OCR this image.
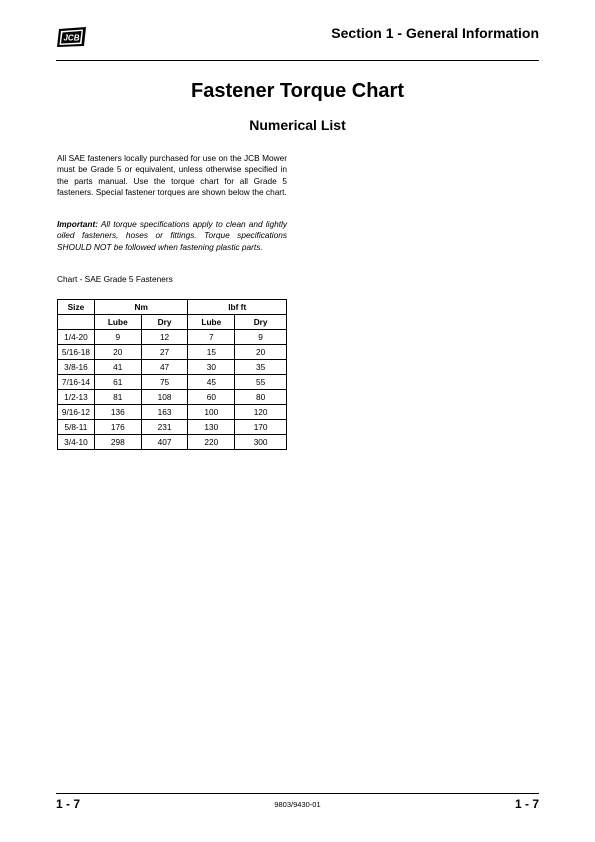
JCB	Section 1 - General Information
Fastener Torque Chart
Numerical List
All SAE fasteners locally purchased for use on the JCB Mower must be Grade 5 or equivalent, unless otherwise specified in the parts manual. Use the torque chart for all Grade 5 fasteners. Special fastener torques are shown below the chart.
Important: All torque specifications apply to clean and lightly oiled fasteners, hoses or fittings. Torque specifications SHOULD NOT be followed when fastening plastic parts.
Chart - SAE Grade 5 Fasteners
Size	Nm		lbf ft	
	Lube	Dry	Lube	Dry
1/4-20	9	12	7	9
5/16-18	20	27	15	20
3/8-16	41	47	30	35
7/16-14	61	75	45	55
1/2-13	81	108	60	80
9/16-12	136	163	100	120
5/8-11	176	231	130	170
3/4-10	298	407	220	300
1 - 7	9803/9430-01	1 - 7
